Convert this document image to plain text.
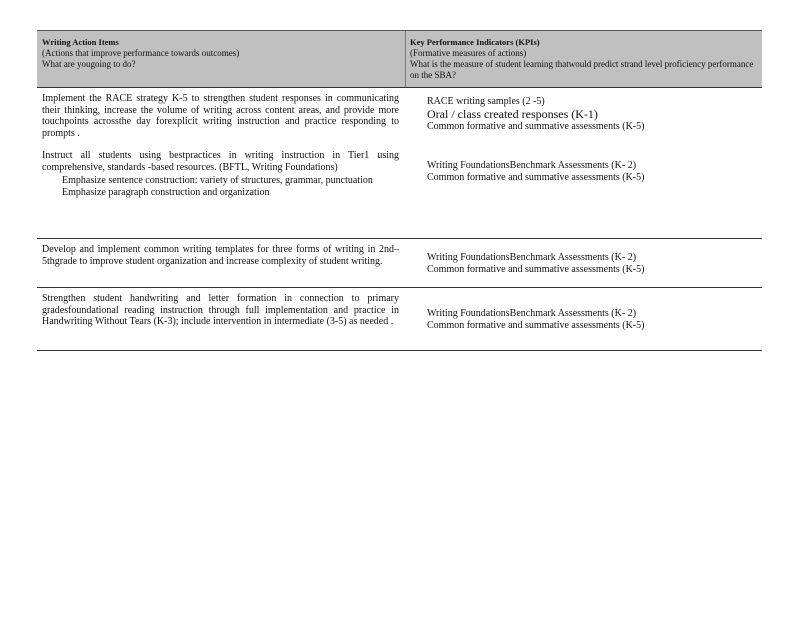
Writing Action Items
(Actions that improve performance towards outcomes)
What are yougoing to do?
Key Performance Indicators (KPIs)
(Formative measures of actions)
What is the measure of student learning thatwould predict strand level proficiency performance on the SBA?

Implement the RACE strategy K-5 to strengthen student responses in communicating their thinking, increase the volume of writing across content areas, and provide more touchpoints acrossthe day forexplicit writing instruction and practice responding to prompts .

Instruct all students using bestpractices in writing instruction in Tier1 using comprehensive, standards -based resources. (BFTL, Writing Foundations)

Emphasize sentence construction: variety of structures, grammar, punctuation
Emphasize paragraph construction and organization
RACE writing samples (2 -5)
Oral / class created responses (K-1)
Common formative and summative assessments (K-5)
Writing FoundationsBenchmark Assessments (K- 2)
Common formative and summative assessments (K-5)

Develop and implement common writing templates for three forms of writing in 2nd– 5thgrade to improve student organization and increase complexity of student writing.	Writing FoundationsBenchmark Assessments (K- 2)
Common formative and summative assessments (K-5)

Strengthen student handwriting and letter formation in connection to primary gradesfoundational reading instruction through full implementation and practice in Handwriting Without Tears (K-3); include intervention in intermediate (3-5) as needed .

Writing FoundationsBenchmark Assessments (K- 2)
Common formative and summative assessments (K-5)
